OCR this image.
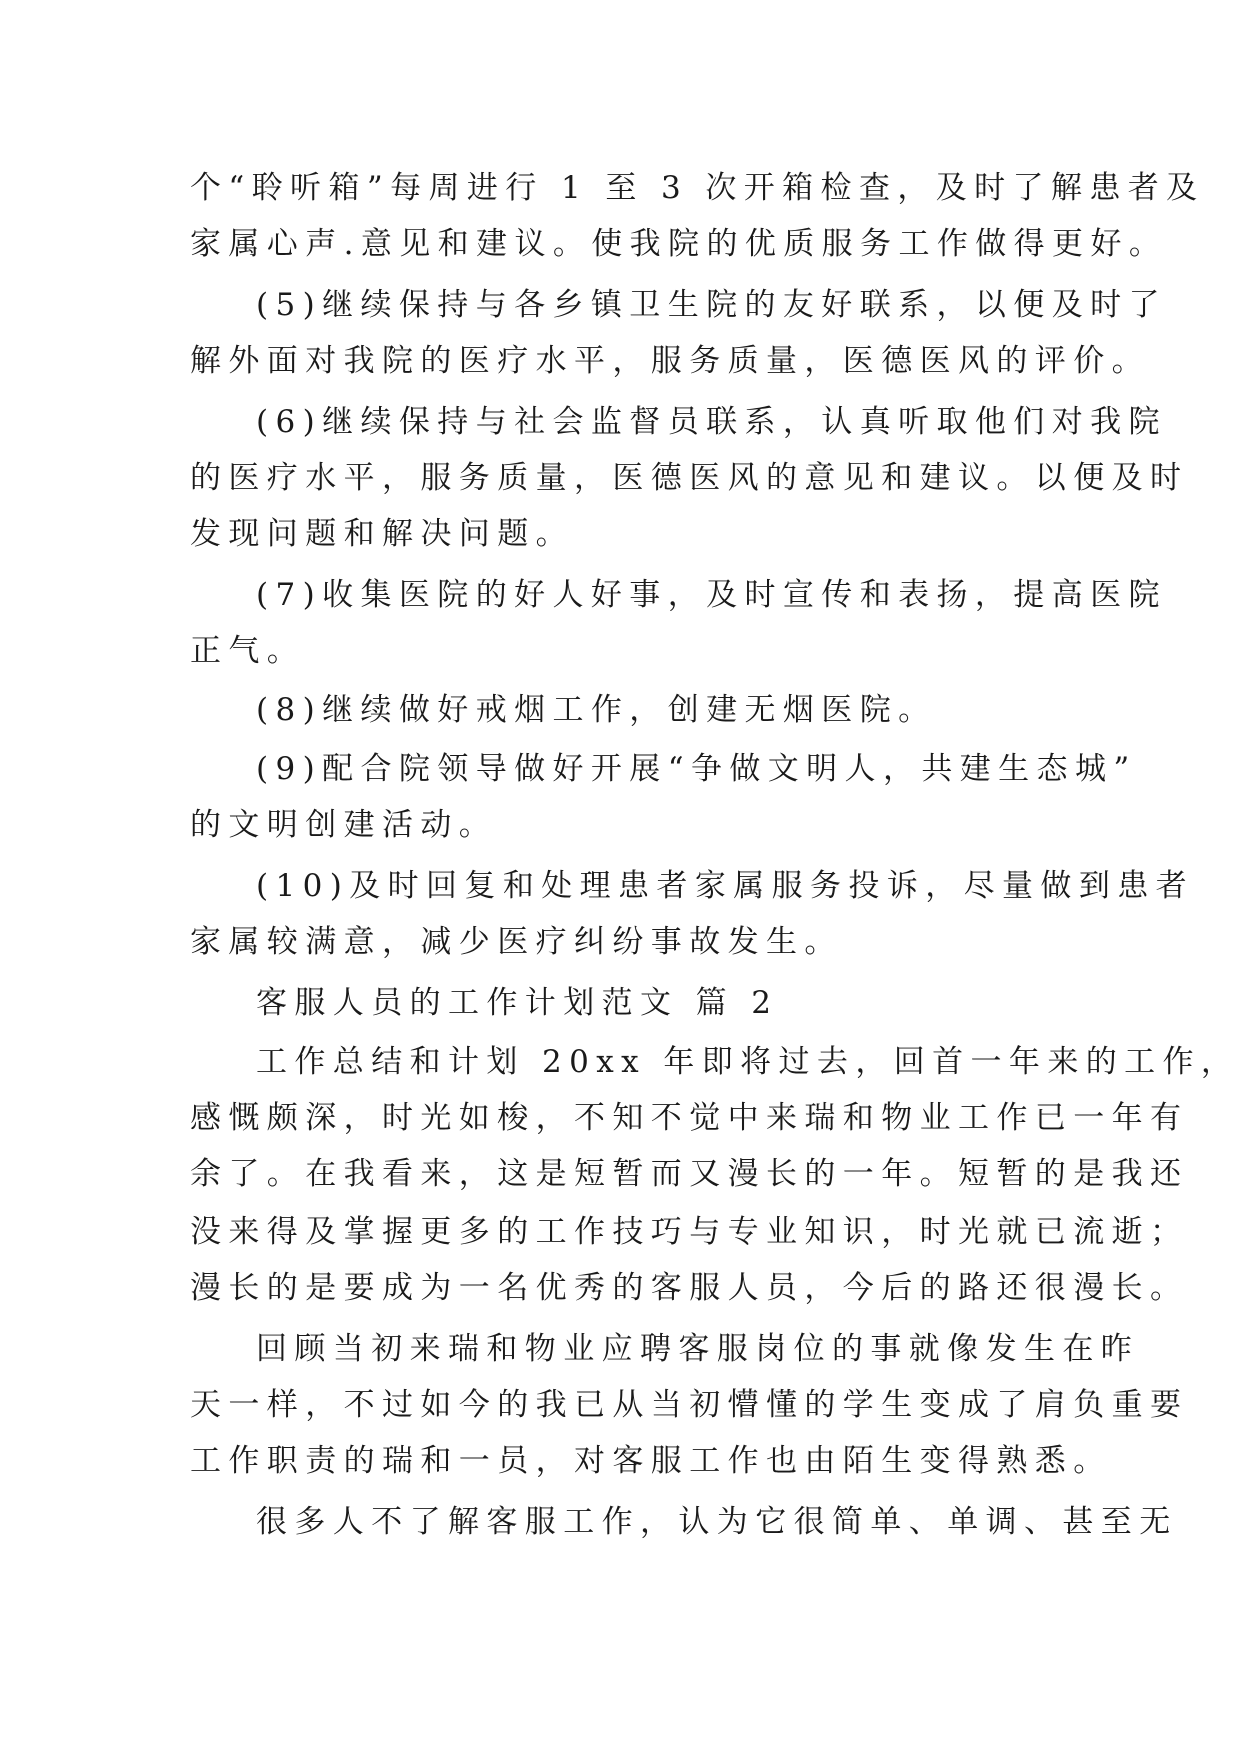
个“聆听箱”每周进行 1 至 3 次开箱检查，及时了解患者及
家属心声.意见和建议。使我院的优质服务工作做得更好。
(5)继续保持与各乡镇卫生院的友好联系，以便及时了
解外面对我院的医疗水平，服务质量，医德医风的评价。
(6)继续保持与社会监督员联系，认真听取他们对我院
的医疗水平，服务质量，医德医风的意见和建议。以便及时
发现问题和解决问题。
(7)收集医院的好人好事，及时宣传和表扬，提高医院
正气。
(8)继续做好戒烟工作，创建无烟医院。
(9)配合院领导做好开展“争做文明人，共建生态城”
的文明创建活动。
(10)及时回复和处理患者家属服务投诉，尽量做到患者
家属较满意，减少医疗纠纷事故发生。
客服人员的工作计划范文 篇 2
工作总结和计划 20xx 年即将过去，回首一年来的工作，
感慨颇深，时光如梭，不知不觉中来瑞和物业工作已一年有
余了。在我看来，这是短暂而又漫长的一年。短暂的是我还
没来得及掌握更多的工作技巧与专业知识，时光就已流逝；
漫长的是要成为一名优秀的客服人员，今后的路还很漫长。
回顾当初来瑞和物业应聘客服岗位的事就像发生在昨
天一样，不过如今的我已从当初懵懂的学生变成了肩负重要
工作职责的瑞和一员，对客服工作也由陌生变得熟悉。
很多人不了解客服工作，认为它很简单、单调、甚至无
